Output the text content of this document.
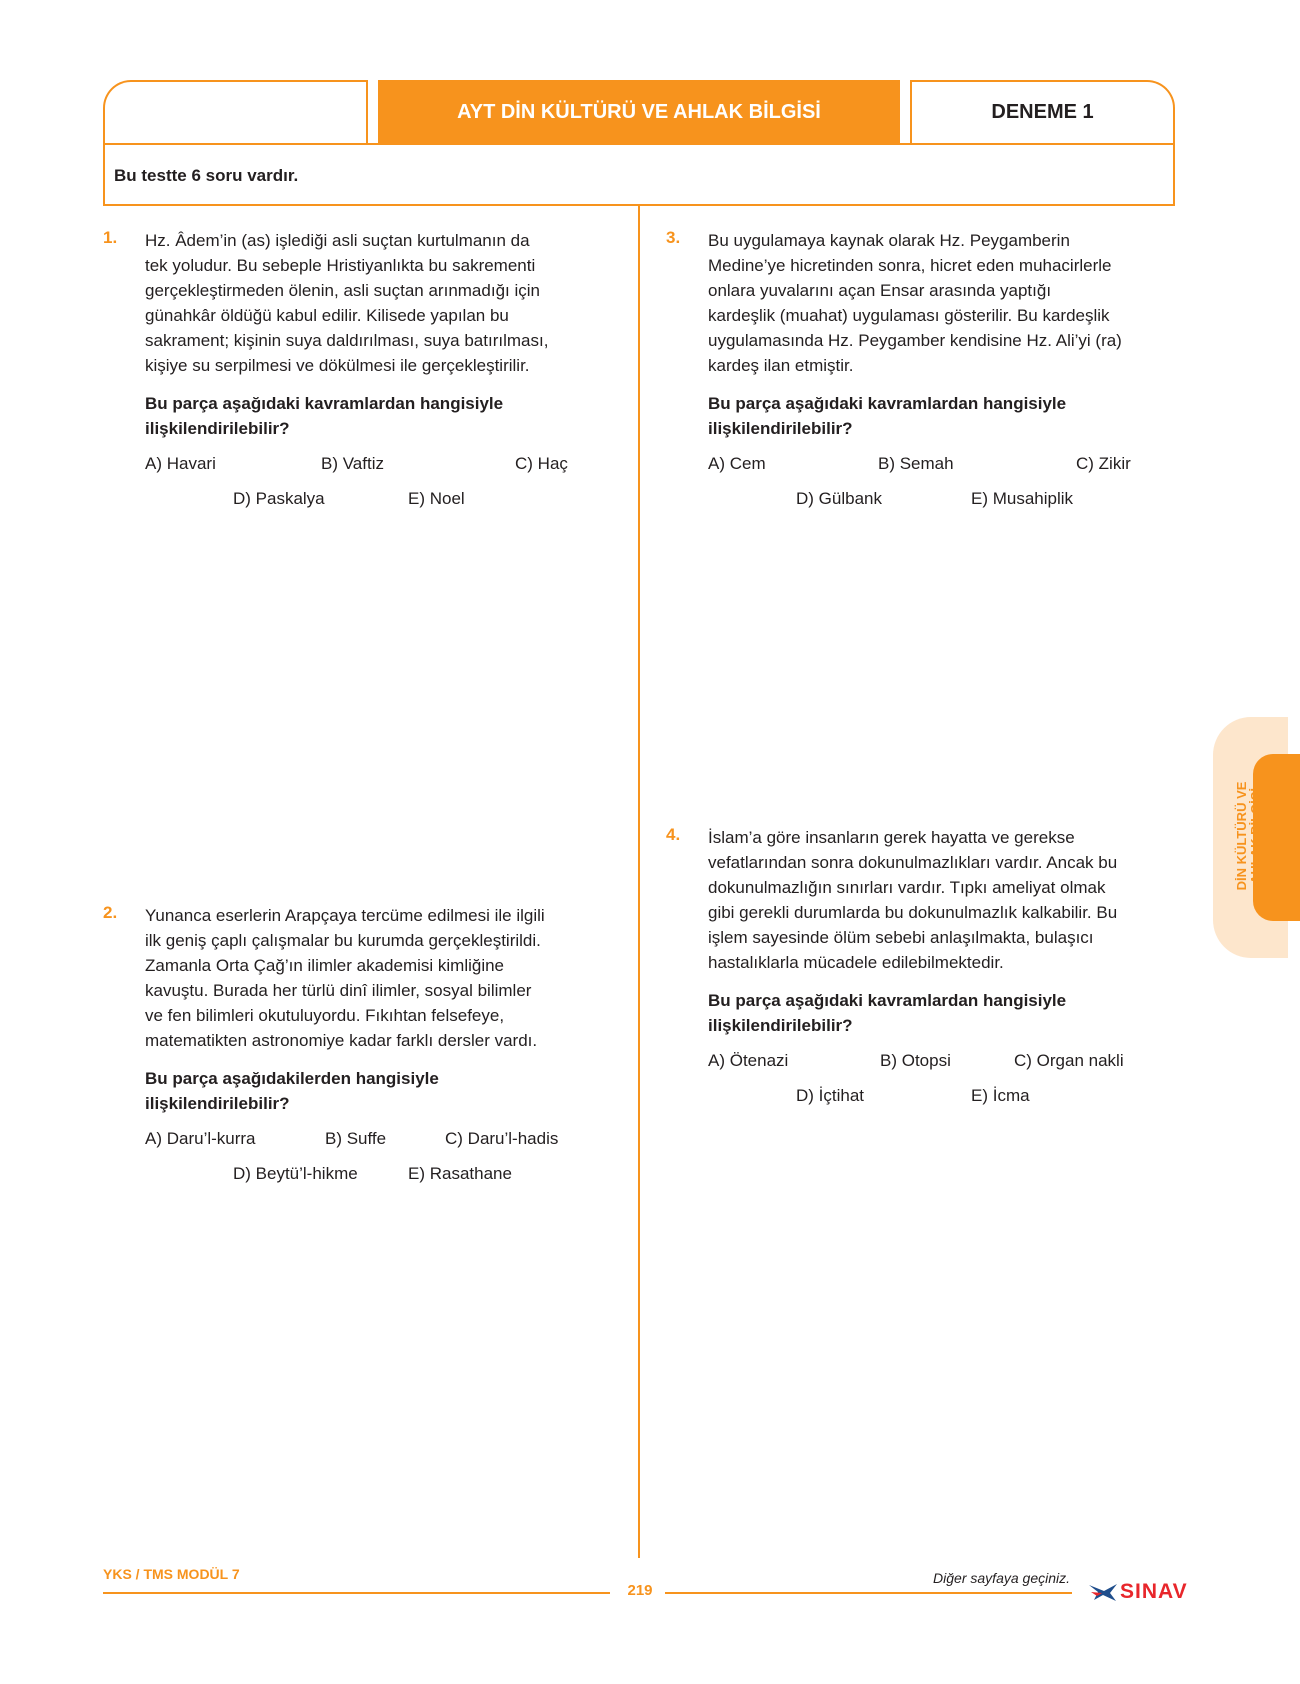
AYT DİN KÜLTÜRÜ VE AHLAK BİLGİSİ	DENEME 1
Bu testte 6 soru vardır.
1. Hz. Âdem’in (as) işlediği asli suçtan kurtulmanın da
tek yoludur. Bu sebeple Hristiyanlıkta bu sakrementi
gerçekleştirmeden ölenin, asli suçtan arınmadığı için
günahkâr öldüğü kabul edilir. Kilisede yapılan bu
sakrament; kişinin suya daldırılması, suya batırılması,
kişiye su serpilmesi ve dökülmesi ile gerçekleştirilir.
Bu parça aşağıdaki kavramlardan hangisiyle
ilişkilendirilebilir?
A) Havari	B) Vaftiz	C) Haç
D) Paskalya	E) Noel
2. Yunanca eserlerin Arapçaya tercüme edilmesi ile ilgili
ilk geniş çaplı çalışmalar bu kurumda gerçekleştirildi.
Zamanla Orta Çağ’ın ilimler akademisi kimliğine
kavuştu. Burada her türlü dinî ilimler, sosyal bilimler
ve fen bilimleri okutuluyordu. Fıkıhtan felsefeye,
matematikten astronomiye kadar farklı dersler vardı.
Bu parça aşağıdakilerden hangisiyle
ilişkilendirilebilir?
A) Daru’l-kurra	B) Suffe	C) Daru’l-hadis
D) Beytü’l-hikme	E) Rasathane
3. Bu uygulamaya kaynak olarak Hz. Peygamberin
Medine’ye hicretinden sonra, hicret eden muhacirlerle
onlara yuvalarını açan Ensar arasında yaptığı
kardeşlik (muahat) uygulaması gösterilir. Bu kardeşlik
uygulamasında Hz. Peygamber kendisine Hz. Ali’yi (ra)
kardeş ilan etmiştir.
Bu parça aşağıdaki kavramlardan hangisiyle
ilişkilendirilebilir?
A) Cem	B) Semah	C) Zikir
D) Gülbank	E) Musahiplik
4. İslam’a göre insanların gerek hayatta ve gerekse
vefatlarından sonra dokunulmazlıkları vardır. Ancak bu
dokunulmazlığın sınırları vardır. Tıpkı ameliyat olmak
gibi gerekli durumlarda bu dokunulmazlık kalkabilir. Bu
işlem sayesinde ölüm sebebi anlaşılmakta, bulaşıcı
hastalıklarla mücadele edilebilmektedir.
Bu parça aşağıdaki kavramlardan hangisiyle
ilişkilendirilebilir?
A) Ötenazi	B) Otopsi	C) Organ nakli
D) İçtihat	E) İcma
DİN KÜLTÜRÜ VE AHLAK BİLGİSİ
YKS / TMS MODÜL 7
219
Diğer sayfaya geçiniz.
SINAV
